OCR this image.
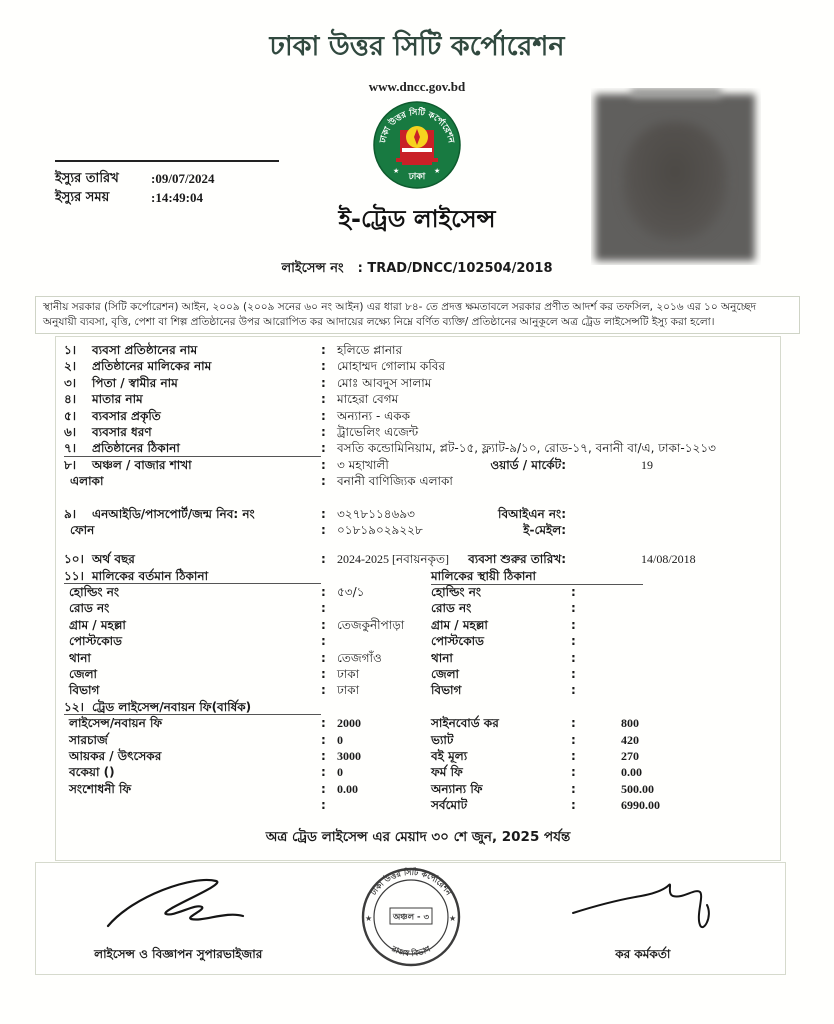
ঢাকা উত্তর সিটি কর্পোরেশন
www.dncc.gov.bd
ঢাকা উত্তর সিটি কর্পোরেশন
★	★
ঢাকা
ইস্যুর তারিখ	:09/07/2024
ইস্যুর সময়	:14:49:04
ই-ট্রেড লাইসেন্স
লাইসেন্স নং : TRAD/DNCC/102504/2018
স্থানীয় সরকার (সিটি কর্পোরেশন) আইন, ২০০৯ (২০০৯ সনের ৬০ নং আইন) এর ধারা ৮৪- তে প্রদত্ত ক্ষমতাবলে সরকার প্রণীত আদর্শ কর তফসিল, ২০১৬ এর ১০ অনুচ্ছেদ অনুযায়ী ব্যবসা, বৃত্তি, পেশা বা শিল্প প্রতিষ্ঠানের উপর আরোপিত কর আদায়ের লক্ষ্যে নিম্নে বর্ণিত ব্যক্তি/ প্রতিষ্ঠানের আনুকূলে অত্র ট্রেড লাইসেন্সটি ইস্যু করা হলো।
১।	ব্যবসা প্রতিষ্ঠানের নাম	: হলিডে প্লানার
২।	প্রতিষ্ঠানের মালিকের নাম	: মোহাম্মদ গোলাম কবির
৩।	পিতা / স্বামীর নাম	: মোঃ আবদুস সালাম
৪।	মাতার নাম	: মাহেরা বেগম
৫।	ব্যবসার প্রকৃতি	: অন্যান্য - একক
৬।	ব্যবসার ধরণ	: ট্রাভেলিং এজেন্ট
৭।	প্রতিষ্ঠানের ঠিকানা	: বসতি কন্ডোমিনিয়াম, প্লট-১৫, ফ্ল্যাট-৯/১০, রোড-১৭, বনানী বা/এ, ঢাকা-১২১৩
৮।	অঞ্চল / বাজার শাখা	: ৩ মহাখালী	ওয়ার্ড / মার্কেট:	19
এলাকা	: বনানী বাণিজ্যিক এলাকা
৯।	এনআইডি/পাসপোর্ট/জন্ম নিব: নং	: ৩২৭৮১১৪৬৯৩	বিআইএন নং:
ফোন	: ০১৮১৯০২৯২২৮	ই-মেইল:
১০। অর্থ বছর	: 2024-2025 [নবায়নকৃত]	ব্যবসা শুরুর তারিখ:	14/08/2018
১১। মালিকের বর্তমান ঠিকানা	মালিকের স্থায়ী ঠিকানা
হোল্ডিং নং	: ৫৩/১	হোল্ডিং নং	:
রোড নং	:	রোড নং	:
গ্রাম / মহল্লা	: তেজকুনীপাড়া	গ্রাম / মহল্লা	:
পোস্টকোড	:	পোস্টকোড	:
থানা	: তেজগাঁও	থানা	:
জেলা	: ঢাকা	জেলা	:
বিভাগ	: ঢাকা	বিভাগ	:
১২। ট্রেড লাইসেন্স/নবায়ন ফি(বার্ষিক)
লাইসেন্স/নবায়ন ফি	: 2000	সাইনবোর্ড কর	:	800
সারচার্জ	: 0	ভ্যাট	:	420
আয়কর / উৎসেকর	: 3000	বই মূল্য	:	270
বকেয়া ()	: 0	ফর্ম ফি	:	0.00
সংশোধনী ফি	: 0.00	অন্যান্য ফি	:	500.00
:	সর্বমোট	:	6990.00
অত্র ট্রেড লাইসেন্স এর মেয়াদ ৩০ শে জুন, 2025 পর্যন্ত
লাইসেন্স ও বিজ্ঞাপন সুপারভাইজার
ঢাকা উত্তর সিটি কর্পোরেশন
রাজস্ব বিভাগ
★	★
অঞ্চল - ৩
কর কর্মকর্তা
